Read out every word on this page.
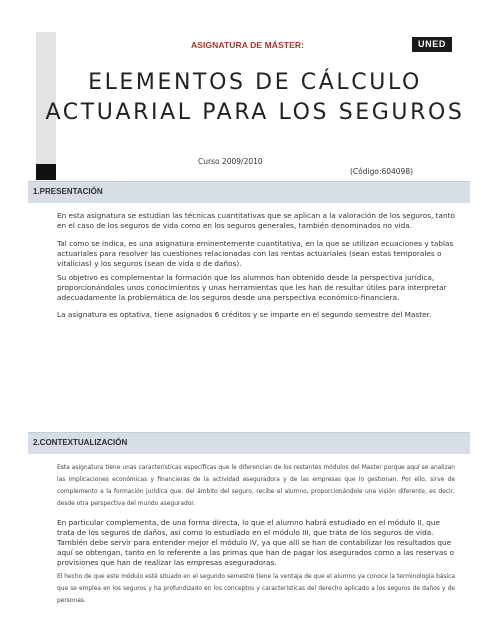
ASIGNATURA DE MÁSTER:	UNED
ELEMENTOS DE CÁLCULO ACTUARIAL PARA LOS SEGUROS
Curso 2009/2010
(Código:604098)
1.PRESENTACIÓN

En esta asignatura se estudian las técnicas cuantitativas que se aplican a la valoración de los seguros, tanto en el caso de los seguros de vida como en los seguros generales, también denominados no vida.

Tal como se indica, es una asignatura eminentemente cuantitativa, en la que se utilizan ecuaciones y tablas actuariales para resolver las cuestiones relacionadas con las rentas actuariales (sean estas temporales o vitalicias) y los seguros (sean de vida o de daños).

Su objetivo es complementar la formación que los alumnos han obtenido desde la perspectiva jurídica, proporcionándoles unos conocimientos y unas herramientas que les han de resultar útiles para interpretar adecuadamente la problemática de los seguros desde una perspectiva económico-financiera.

La asignatura es optativa, tiene asignados 6 créditos y se imparte en el segundo semestre del Master.

2.CONTEXTUALIZACIÓN

Esta asignatura tiene unas características específicas que le diferencian de los restantes módulos del Master porque aquí se analizan las implicaciones económicas y financieras de la actividad aseguradora y de las empresas que lo gestionan. Por ello, sirve de complemento a la formación jurídica que, del ámbito del seguro, recibe el alumno, proporcionándole una visión diferente, es decir, desde otra perspectiva del mundo asegurador.

En particular complementa, de una forma directa, lo que el alumno habrá estudiado en el módulo II, que trata de los seguros de daños, así como lo estudiado en el módulo III, que trata de los seguros de vida. También debe servir para entender mejor el módulo IV, ya que allí se han de contabilizar los resultados que aquí se obtengan, tanto en lo referente a las primas que han de pagar los asegurados como a las reservas o provisiones que han de realizar las empresas aseguradoras.

El hecho de que este módulo esté situado en el segundo semestre tiene la ventaja de que el alumno ya conoce la terminología básica que se emplea en los seguros y ha profundizado en los conceptos y características del derecho aplicado a los seguros de daños y de personas.
